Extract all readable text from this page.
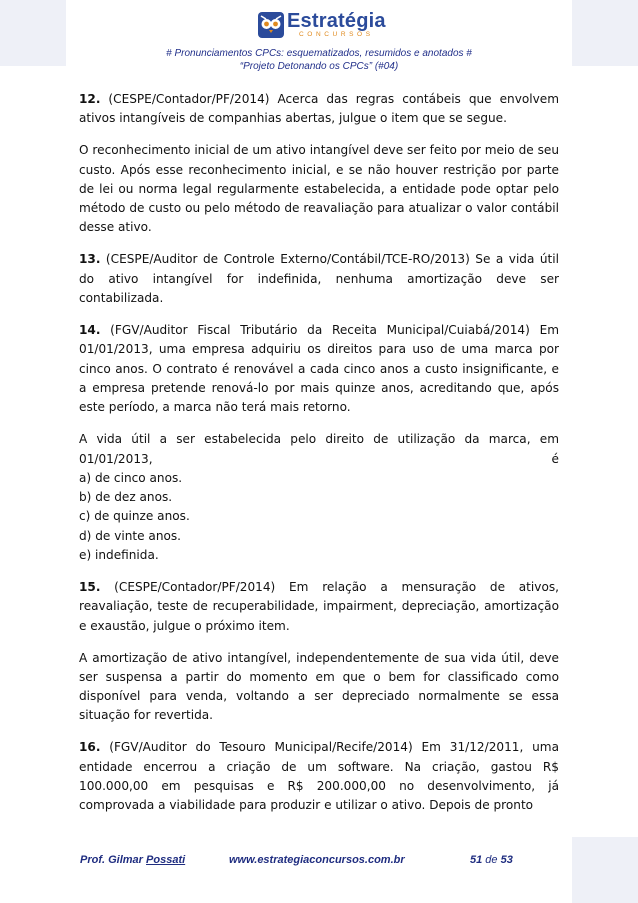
Estratégia
CONCURSOS
# Pronunciamentos CPCs: esquematizados, resumidos e anotados #
“Projeto Detonando os CPCs” (#04)

12. (CESPE/Contador/PF/2014) Acerca das regras contábeis que envolvem ativos intangíveis de companhias abertas, julgue o item que se segue.

O reconhecimento inicial de um ativo intangível deve ser feito por meio de seu custo. Após esse reconhecimento inicial, e se não houver restrição por parte de lei ou norma legal regularmente estabelecida, a entidade pode optar pelo método de custo ou pelo método de reavaliação para atualizar o valor contábil desse ativo.

13. (CESPE/Auditor de Controle Externo/Contábil/TCE-RO/2013) Se a vida útil do ativo intangível for indefinida, nenhuma amortização deve ser contabilizada.

14. (FGV/Auditor Fiscal Tributário da Receita Municipal/Cuiabá/2014) Em 01/01/2013, uma empresa adquiriu os direitos para uso de uma marca por cinco anos. O contrato é renovável a cada cinco anos a custo insignificante, e a empresa pretende renová-lo por mais quinze anos, acreditando que, após este período, a marca não terá mais retorno.

A vida útil a ser estabelecida pelo direito de utilização da marca, em 01/01/2013, é
a) de cinco anos.
b) de dez anos.
c) de quinze anos.
d) de vinte anos.
e) indefinida.

15. (CESPE/Contador/PF/2014) Em relação a mensuração de ativos, reavaliação, teste de recuperabilidade, impairment, depreciação, amortização e exaustão, julgue o próximo item.

A amortização de ativo intangível, independentemente de sua vida útil, deve ser suspensa a partir do momento em que o bem for classificado como disponível para venda, voltando a ser depreciado normalmente se essa situação for revertida.

16. (FGV/Auditor do Tesouro Municipal/Recife/2014) Em 31/12/2011, uma entidade encerrou a criação de um software. Na criação, gastou R$ 100.000,00 em pesquisas e R$ 200.000,00 no desenvolvimento, já comprovada a viabilidade para produzir e utilizar o ativo. Depois de pronto

Prof. Gilmar Possati	www.estrategiaconcursos.com.br	51 de 53
